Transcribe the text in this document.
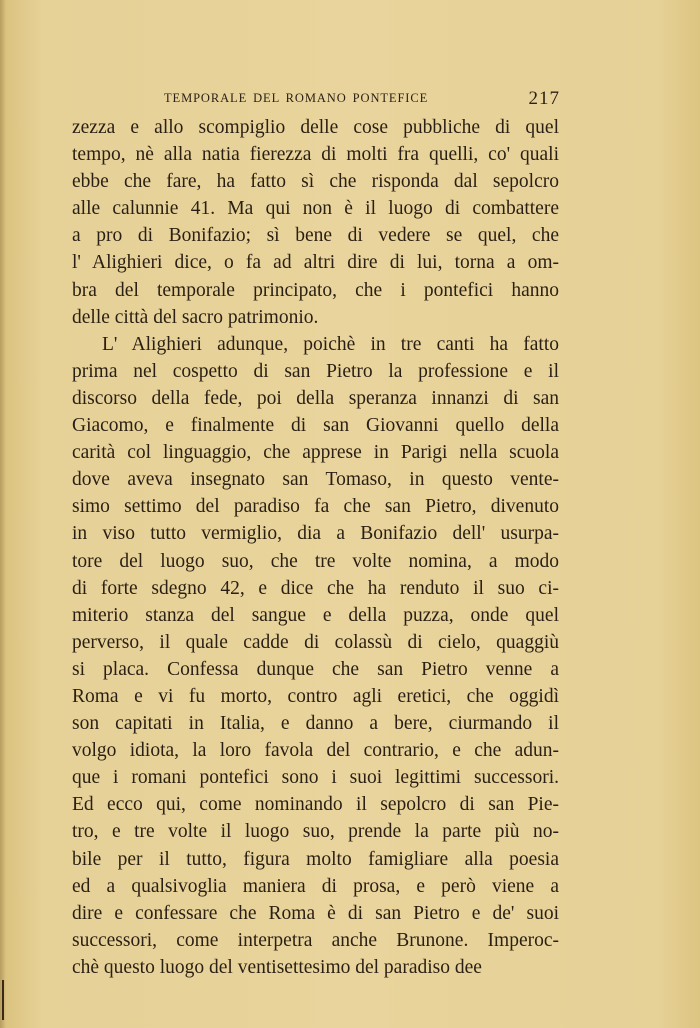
TEMPORALE DEL ROMANO PONTEFICE	217
zezza e allo scompiglio delle cose pubbliche di quel
tempo, nè alla natia fierezza di molti fra quelli, co' quali
ebbe che fare, ha fatto sì che risponda dal sepolcro
alle calunnie 41. Ma qui non è il luogo di combattere
a pro di Bonifazio; sì bene di vedere se quel, che
l' Alighieri dice, o fa ad altri dire di lui, torna a om-
bra del temporale principato, che i pontefici hanno
delle città del sacro patrimonio.
L' Alighieri adunque, poichè in tre canti ha fatto
prima nel cospetto di san Pietro la professione e il
discorso della fede, poi della speranza innanzi di san
Giacomo, e finalmente di san Giovanni quello della
carità col linguaggio, che apprese in Parigi nella scuola
dove aveva insegnato san Tomaso, in questo vente-
simo settimo del paradiso fa che san Pietro, divenuto
in viso tutto vermiglio, dia a Bonifazio dell' usurpa-
tore del luogo suo, che tre volte nomina, a modo
di forte sdegno 42, e dice che ha renduto il suo ci-
miterio stanza del sangue e della puzza, onde quel
perverso, il quale cadde di colassù di cielo, quaggiù
si placa. Confessa dunque che san Pietro venne a
Roma e vi fu morto, contro agli eretici, che oggidì
son capitati in Italia, e danno a bere, ciurmando il
volgo idiota, la loro favola del contrario, e che adun-
que i romani pontefici sono i suoi legittimi successori.
Ed ecco qui, come nominando il sepolcro di san Pie-
tro, e tre volte il luogo suo, prende la parte più no-
bile per il tutto, figura molto famigliare alla poesia
ed a qualsivoglia maniera di prosa, e però viene a
dire e confessare che Roma è di san Pietro e de' suoi
successori, come interpetra anche Brunone. Imperoc-
chè questo luogo del ventisettesimo del paradiso dee
